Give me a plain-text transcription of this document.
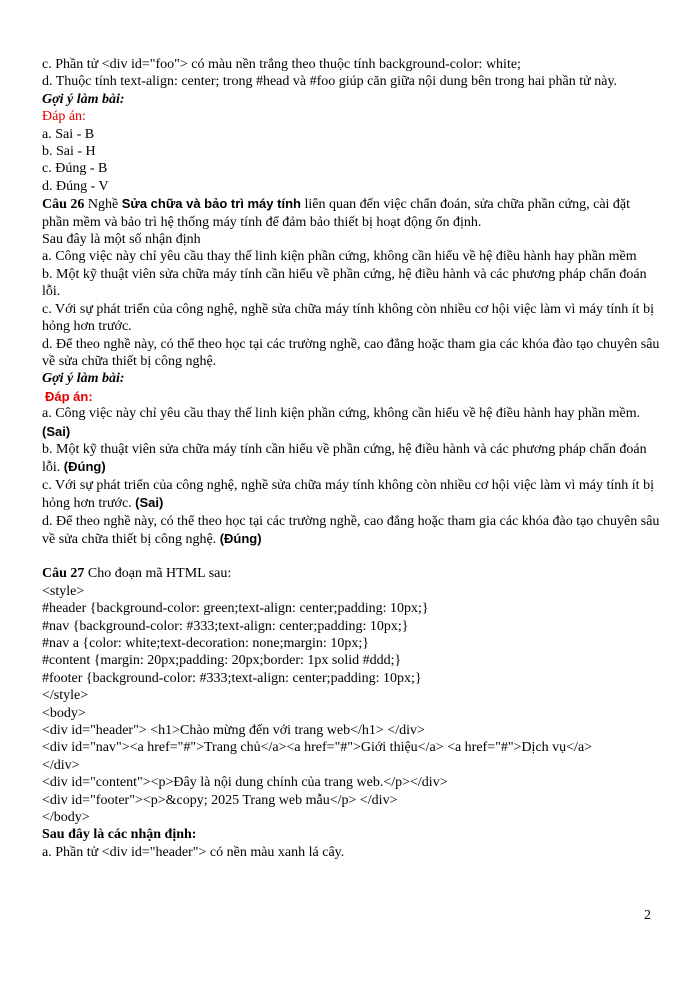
c. Phần tử <div id="foo"> có màu nền trắng theo thuộc tính background-color: white;
d. Thuộc tính text-align: center; trong #head và #foo giúp căn giữa nội dung bên trong hai phần tử này.
Gợi ý làm bài:
Đáp án:
a. Sai - B
b. Sai - H
c. Đúng - B
d. Đúng - V
Câu 26 Nghề Sửa chữa và bảo trì máy tính liên quan đến việc chẩn đoán, sửa chữa phần cứng, cài đặt phần mềm và bảo trì hệ thống máy tính để đảm bảo thiết bị hoạt động ổn định.
Sau đây là một số nhận định
a. Công việc này chỉ yêu cầu thay thế linh kiện phần cứng, không cần hiểu về hệ điều hành hay phần mềm
b. Một kỹ thuật viên sửa chữa máy tính cần hiểu về phần cứng, hệ điều hành và các phương pháp chẩn đoán lỗi.
c. Với sự phát triển của công nghệ, nghề sửa chữa máy tính không còn nhiều cơ hội việc làm vì máy tính ít bị hỏng hơn trước.
d. Để theo nghề này, có thể theo học tại các trường nghề, cao đẳng hoặc tham gia các khóa đào tạo chuyên sâu về sửa chữa thiết bị công nghệ.
Gợi ý làm bài:
Đáp án:
a. Công việc này chỉ yêu cầu thay thế linh kiện phần cứng, không cần hiểu về hệ điều hành hay phần mềm. (Sai)
b. Một kỹ thuật viên sửa chữa máy tính cần hiểu về phần cứng, hệ điều hành và các phương pháp chẩn đoán lỗi. (Đúng)
c. Với sự phát triển của công nghệ, nghề sửa chữa máy tính không còn nhiều cơ hội việc làm vì máy tính ít bị hỏng hơn trước. (Sai)
d. Để theo nghề này, có thể theo học tại các trường nghề, cao đẳng hoặc tham gia các khóa đào tạo chuyên sâu về sửa chữa thiết bị công nghệ. (Đúng)
Câu 27 Cho đoạn mã HTML sau:
<style>
#header {background-color: green;text-align: center;padding: 10px;}
#nav {background-color: #333;text-align: center;padding: 10px;}
#nav a {color: white;text-decoration: none;margin: 10px;}
#content {margin: 20px;padding: 20px;border: 1px solid #ddd;}
#footer {background-color: #333;text-align: center;padding: 10px;}
</style>
<body>
<div id="header"> <h1>Chào mừng đến với trang web</h1> </div>
<div id="nav"><a href="#">Trang chủ</a><a href="#">Giới thiệu</a> <a href="#">Dịch vụ</a>
</div>
<div id="content"><p>Đây là nội dung chính của trang web.</p></div>
<div id="footer"><p>&copy; 2025 Trang web mẫu</p> </div>
</body>
Sau đây là các nhận định:
a. Phần tử <div id="header"> có nền màu xanh lá cây.
2
